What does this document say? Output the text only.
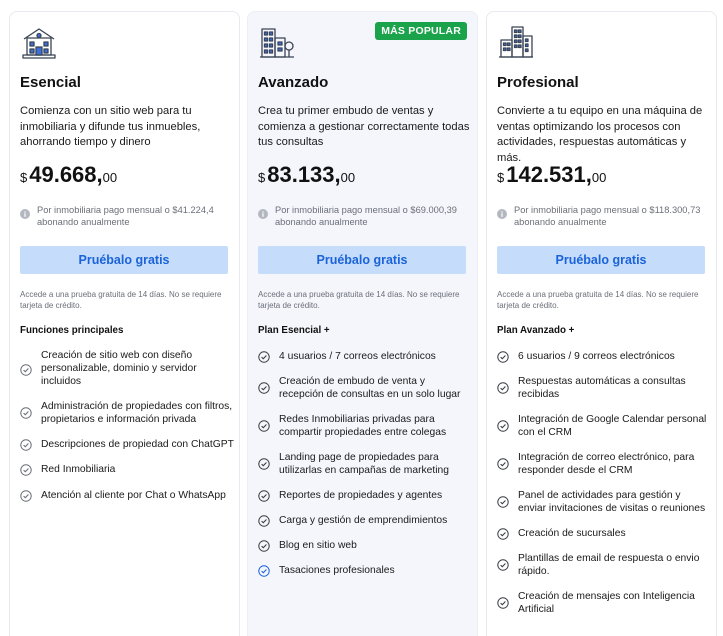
Esencial
Comienza con un sitio web para tu inmobiliaria y difunde tus inmuebles, ahorrando tiempo y dinero
$49.668,00
Por inmobiliaria pago mensual o $41.224,4 abonando anualmente
Pruébalo gratis
Accede a una prueba gratuita de 14 días. No se requiere tarjeta de crédito.
Funciones principales
Creación de sitio web con diseño personalizable, dominio y servidor incluidos
Administración de propiedades con filtros, propietarios e información privada
Descripciones de propiedad con ChatGPT
Red Inmobiliaria
Atención al cliente por Chat o WhatsApp
MÁS POPULAR
Avanzado
Crea tu primer embudo de ventas y comienza a gestionar correctamente todas tus consultas
$83.133,00
Por inmobiliaria pago mensual o $69.000,39 abonando anualmente
Pruébalo gratis
Accede a una prueba gratuita de 14 días. No se requiere tarjeta de crédito.
Plan Esencial +
4 usuarios / 7 correos electrónicos
Creación de embudo de venta y recepción de consultas en un solo lugar
Redes Inmobiliarias privadas para compartir propiedades entre colegas
Landing page de propiedades para utilizarlas en campañas de marketing
Reportes de propiedades y agentes
Carga y gestión de emprendimientos
Blog en sitio web
Tasaciones profesionales
Profesional
Convierte a tu equipo en una máquina de ventas optimizando los procesos con actividades, respuestas automáticas y más.
$142.531,00
Por inmobiliaria pago mensual o $118.300,73 abonando anualmente
Pruébalo gratis
Accede a una prueba gratuita de 14 días. No se requiere tarjeta de crédito.
Plan Avanzado +
6 usuarios / 9 correos electrónicos
Respuestas automáticas a consultas recibidas
Integración de Google Calendar personal con el CRM
Integración de correo electrónico, para responder desde el CRM
Panel de actividades para gestión y enviar invitaciones de visitas o reuniones
Creación de sucursales
Plantillas de email de respuesta o envio rápido.
Creación de mensajes con Inteligencia Artificial
